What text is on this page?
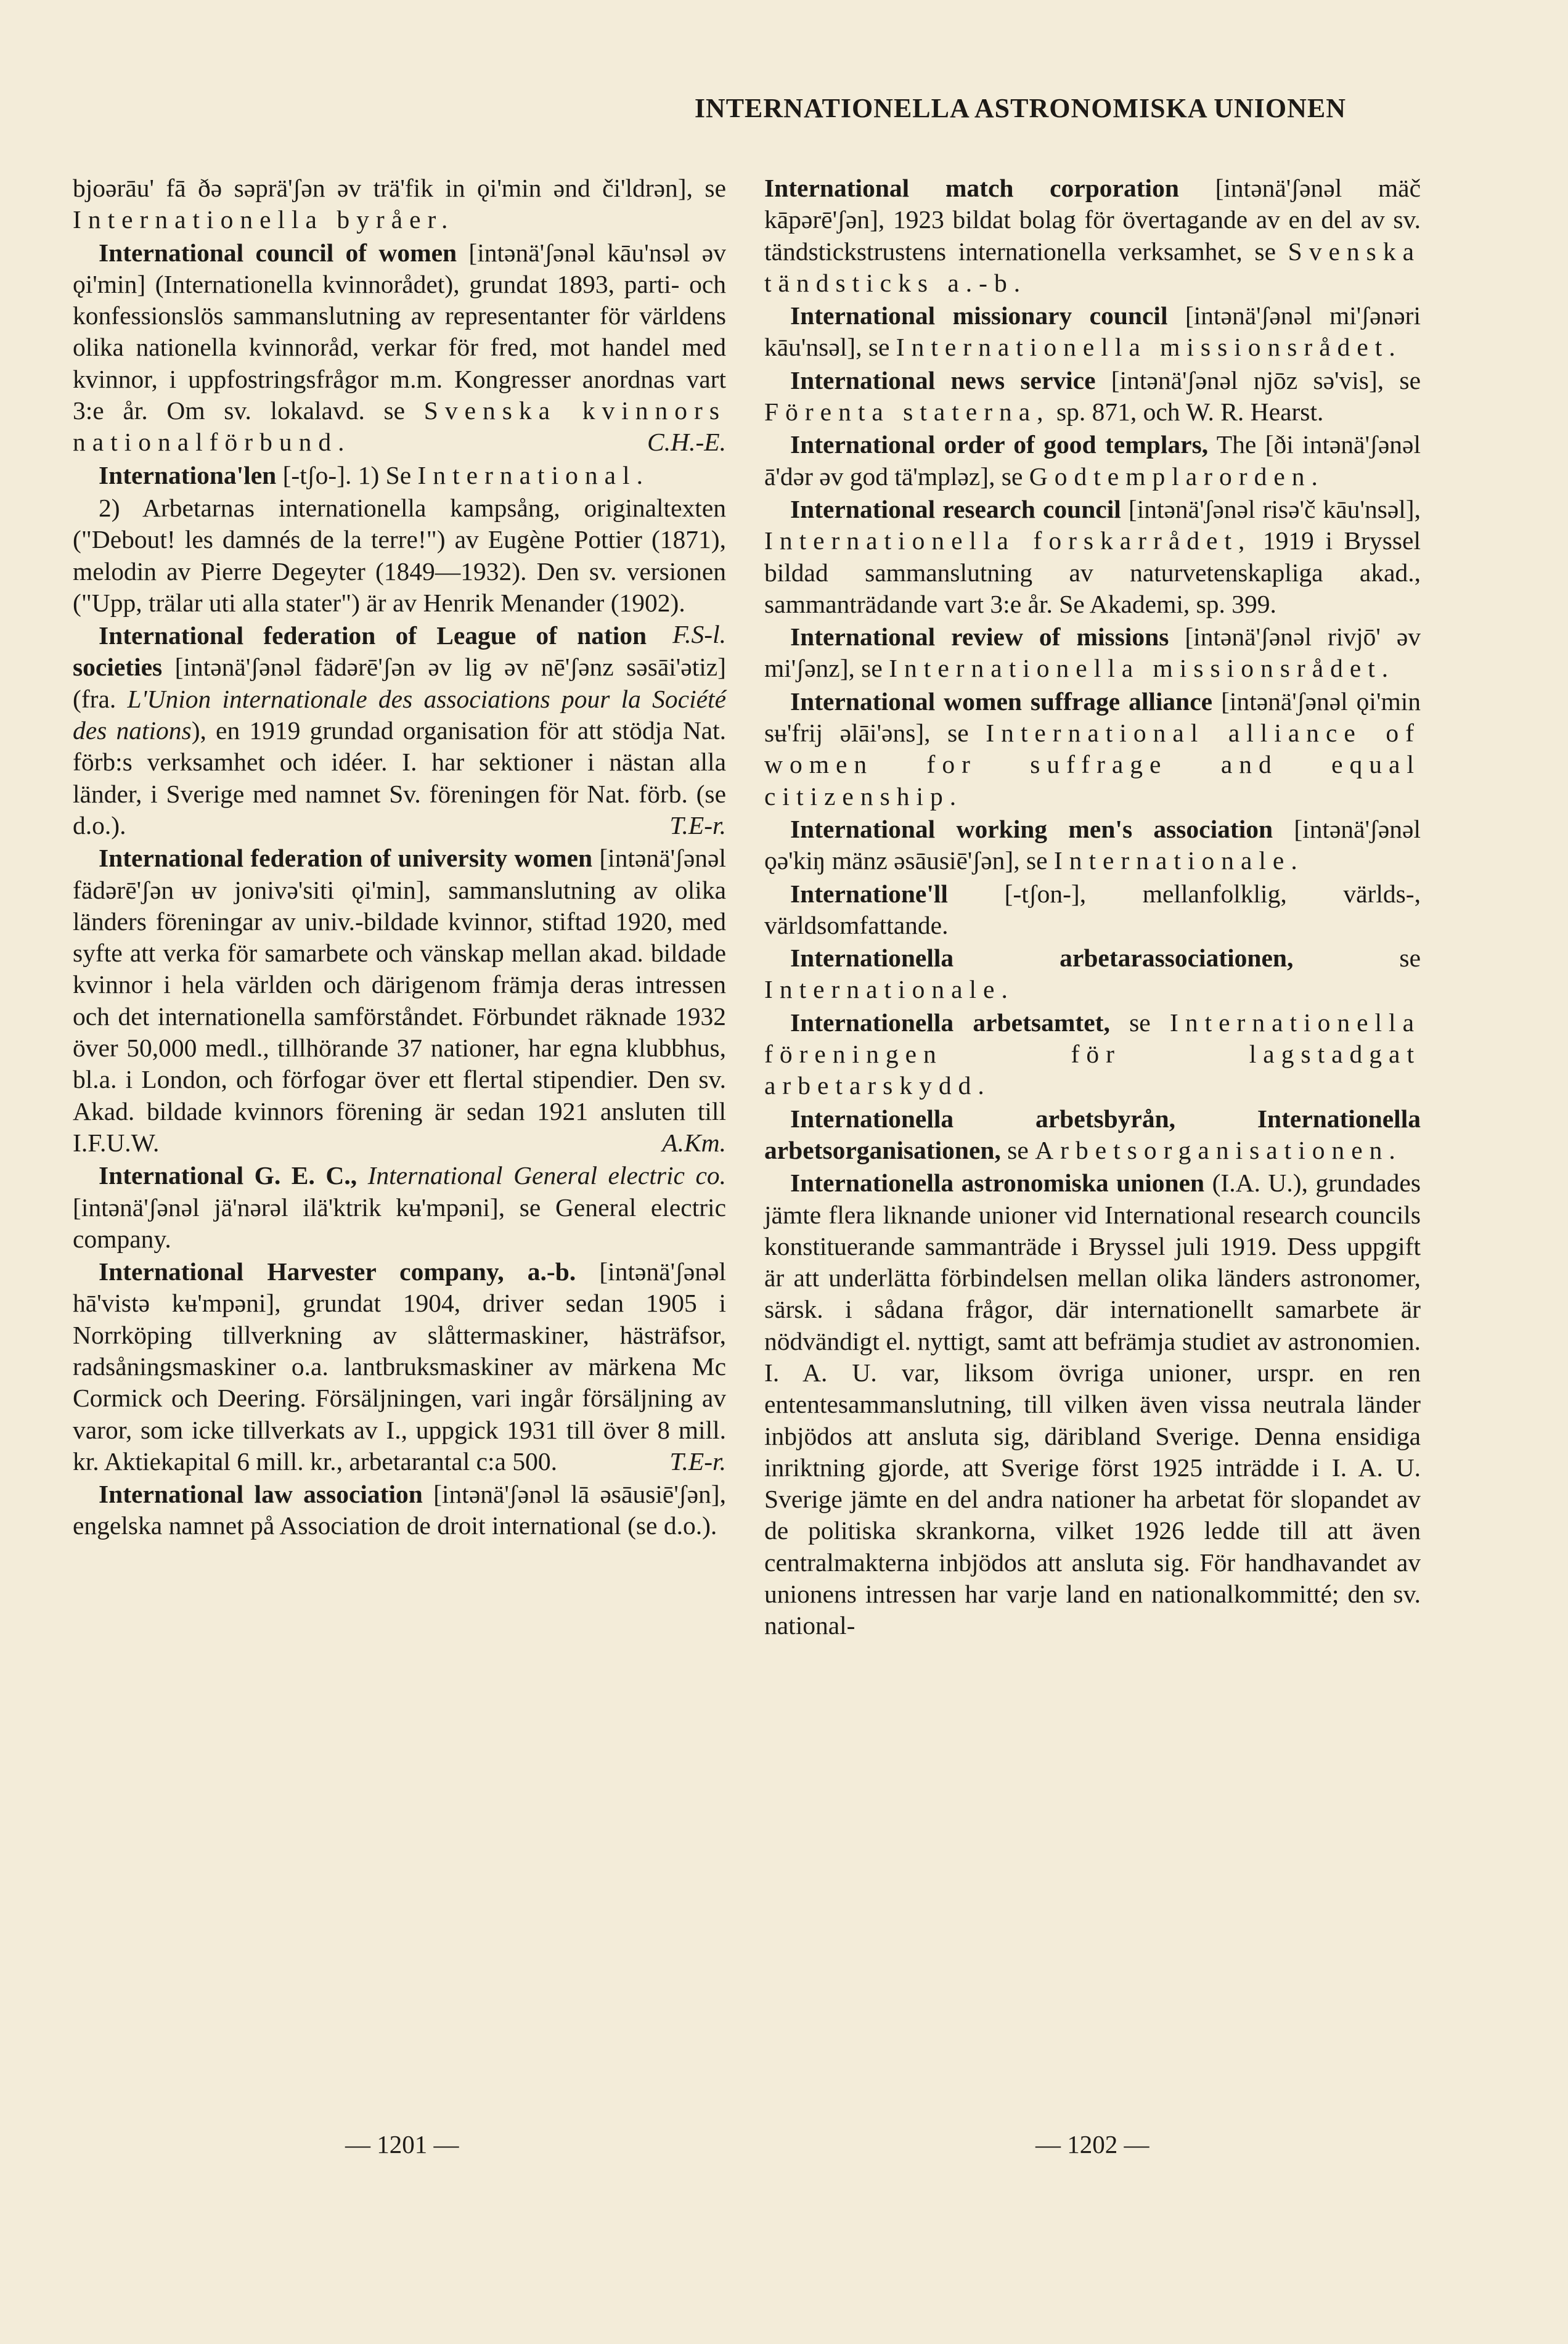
INTERNATIONELLA ASTRONOMISKA UNIONEN

bjoərāu' fā ðə səprä'ʃən əv trä'fik in ǫi'min ənd či'ldrən], se Internationella byråer.

International council of women [intənä'ʃənəl kāu'nsəl əv ǫi'min] (Internationella kvinnorådet), grundat 1893, parti- och konfessionslös sammanslutning av representanter för världens olika nationella kvinnoråd, verkar för fred, mot handel med kvinnor, i uppfostringsfrågor m.m. Kongresser anordnas vart 3:e år. Om sv. lokalavd. se Svenska kvinnors nationalförbund.	C.H.-E.

Internationa'len [-tʃo-]. 1) Se International.

2) Arbetarnas internationella kampsång, originaltexten ("Debout! les damnés de la terre!") av Eugène Pottier (1871), melodin av Pierre Degeyter (1849—1932). Den sv. versionen ("Upp, trälar uti alla stater") är av Henrik Menander (1902).
F.S-l.

International federation of League of nation societies [intənä'ʃənəl fädərē'ʃən əv lig əv nē'ʃənz səsāi'ətiz] (fra. L'Union internationale des associations pour la Société des nations), en 1919 grundad organisation för att stödja Nat. förb:s verksamhet och idéer. I. har sektioner i nästan alla länder, i Sverige med namnet Sv. föreningen för Nat. förb. (se d.o.).	T.E-r.

International federation of university women [intənä'ʃənəl fädərē'ʃən ʉv jonivə'siti ǫi'min], sammanslutning av olika länders föreningar av univ.-bildade kvinnor, stiftad 1920, med syfte att verka för samarbete och vänskap mellan akad. bildade kvinnor i hela världen och därigenom främja deras intressen och det internationella samförståndet. Förbundet räknade 1932 över 50,000 medl., tillhörande 37 nationer, har egna klubbhus, bl.a. i London, och förfogar över ett flertal stipendier. Den sv. Akad. bildade kvinnors förening är sedan 1921 ansluten till I.F.U.W.	A.Km.

International G. E. C., International General electric co. [intənä'ʃənəl jä'nərəl ilä'ktrik kʉ'mpəni], se General electric company.

International Harvester company, a.-b. [intənä'ʃənəl hā'vistə kʉ'mpəni], grundat 1904, driver sedan 1905 i Norrköping tillverkning av slåttermaskiner, hästräfsor, radsåningsmaskiner o.a. lantbruksmaskiner av märkena Mc Cormick och Deering. Försäljningen, vari ingår försäljning av varor, som icke tillverkats av I., uppgick 1931 till över 8 mill. kr. Aktiekapital 6 mill. kr., arbetarantal c:a 500.	T.E-r.

International law association [intənä'ʃənəl lā əsāusiē'ʃən], engelska namnet på Association de droit international (se d.o.).

International match corporation [intənä'ʃənəl mäč kāpərē'ʃən], 1923 bildat bolag för övertagande av en del av sv. tändstickstrustens internationella verksamhet, se Svenska tändsticks a.-b.

International missionary council [intənä'ʃənəl mi'ʃənəri kāu'nsəl], se Internationella missionsrådet.

International news service [intənä'ʃənəl njōz sə'vis], se Förenta staterna, sp. 871, och W. R. Hearst.

International order of good templars, The [ði intənä'ʃənəl ā'dər əv god tä'mpləz], se Godtemplarorden.

International research council [intənä'ʃənəl risə'č kāu'nsəl], Internationella forskarrådet, 1919 i Bryssel bildad sammanslutning av naturvetenskapliga akad., sammanträdande vart 3:e år. Se Akademi, sp. 399.

International review of missions [intənä'ʃənəl rivjō' əv mi'ʃənz], se Internationella missionsrådet.

International women suffrage alliance [intənä'ʃənəl ǫi'min sʉ'frij əlāi'əns], se International alliance of women for suffrage and equal citizenship.

International working men's association [intənä'ʃənəl ǫə'kiŋ mänz əsāusiē'ʃən], se Internationale.

Internatione'll [-tʃon-], mellanfolklig, världs-, världsomfattande.

Internationella arbetarassociationen, se Internationale.

Internationella arbetsamtet, se Internationella föreningen för lagstadgat arbetarskydd.

Internationella arbetsbyrån, Internationella arbetsorganisationen, se Arbetsorganisationen.

Internationella astronomiska unionen (I.A. U.), grundades jämte flera liknande unioner vid International research councils konstituerande sammanträde i Bryssel juli 1919. Dess uppgift är att underlätta förbindelsen mellan olika länders astronomer, särsk. i sådana frågor, där internationellt samarbete är nödvändigt el. nyttigt, samt att befrämja studiet av astronomien. I. A. U. var, liksom övriga unioner, urspr. en ren ententesammanslutning, till vilken även vissa neutrala länder inbjödos att ansluta sig, däribland Sverige. Denna ensidiga inriktning gjorde, att Sverige först 1925 inträdde i I. A. U. Sverige jämte en del andra nationer ha arbetat för slopandet av de politiska skrankorna, vilket 1926 ledde till att även centralmakterna inbjödos att ansluta sig. För handhavandet av unionens intressen har varje land en nationalkommitté; den sv. national-

— 1201 —	— 1202 —
